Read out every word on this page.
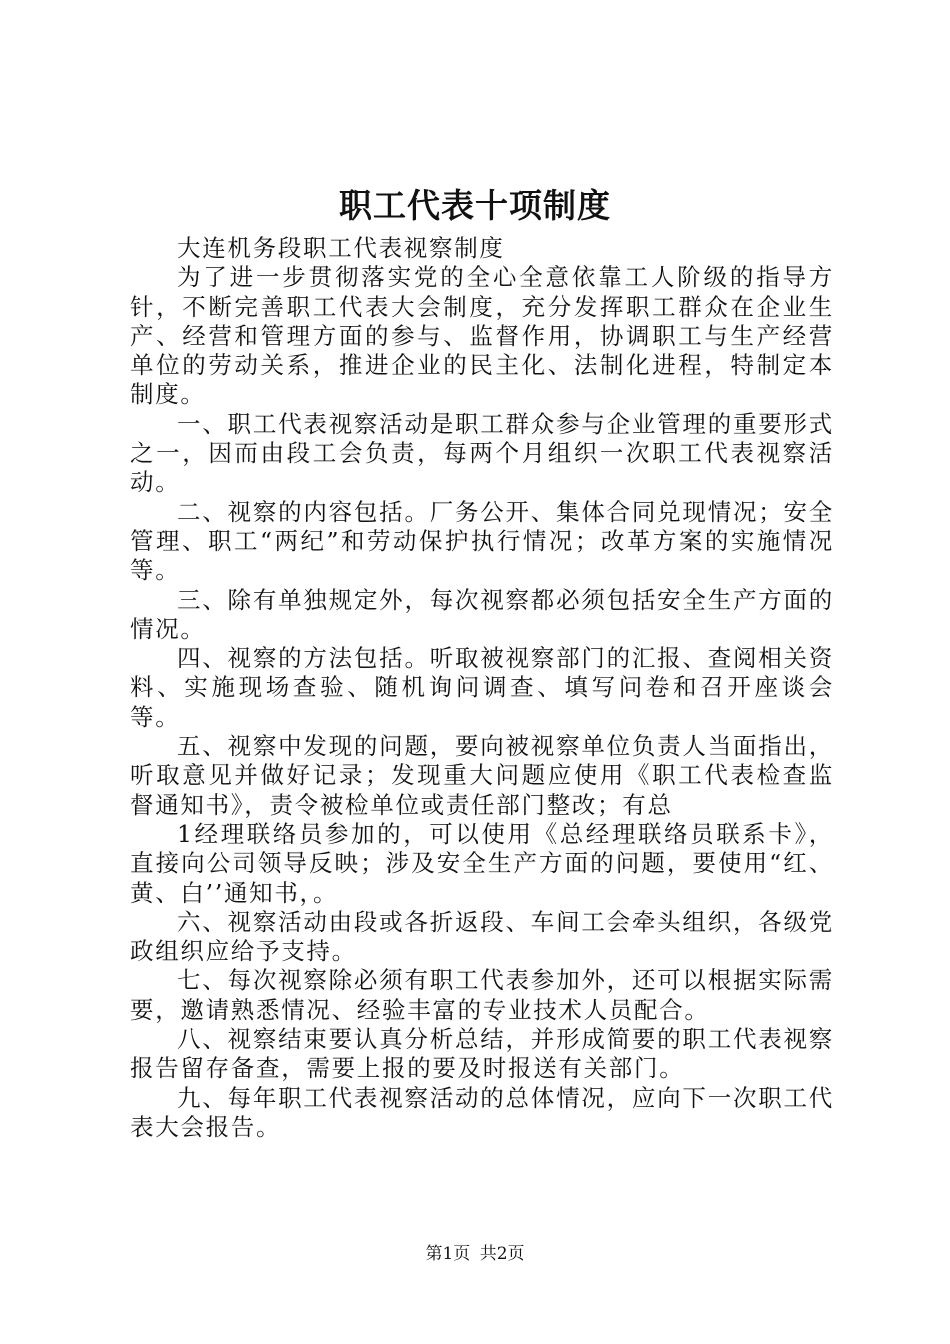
职工代表十项制度

大连机务段职工代表视察制度

为了进一步贯彻落实党的全心全意依靠工人阶级的指导方针，不断完善职工代表大会制度，充分发挥职工群众在企业生产、经营和管理方面的参与、监督作用，协调职工与生产经营单位的劳动关系，推进企业的民主化、法制化进程，特制定本制度。

一、职工代表视察活动是职工群众参与企业管理的重要形式之一，因而由段工会负责，每两个月组织一次职工代表视察活动。

二、视察的内容包括。厂务公开、集体合同兑现情况；安全管理、职工“两纪”和劳动保护执行情况；改革方案的实施情况等。

三、除有单独规定外，每次视察都必须包括安全生产方面的情况。

四、视察的方法包括。听取被视察部门的汇报、查阅相关资料、实施现场查验、随机询问调查、填写问卷和召开座谈会等。

五、视察中发现的问题，要向被视察单位负责人当面指出，听取意见并做好记录；发现重大问题应使用《职工代表检查监督通知书》，责令被检单位或责任部门整改；有总

1经理联络员参加的，可以使用《总经理联络员联系卡》，直接向公司领导反映；涉及安全生产方面的问题，要使用“红、黄、白’’通知书，。

六、视察活动由段或各折返段、车间工会牵头组织，各级党政组织应给予支持。

七、每次视察除必须有职工代表参加外，还可以根据实际需要，邀请熟悉情况、经验丰富的专业技术人员配合。

八、视察结束要认真分析总结，并形成简要的职工代表视察报告留存备查，需要上报的要及时报送有关部门。

九、每年职工代表视察活动的总体情况，应向下一次职工代表大会报告。

第1页 共2页
